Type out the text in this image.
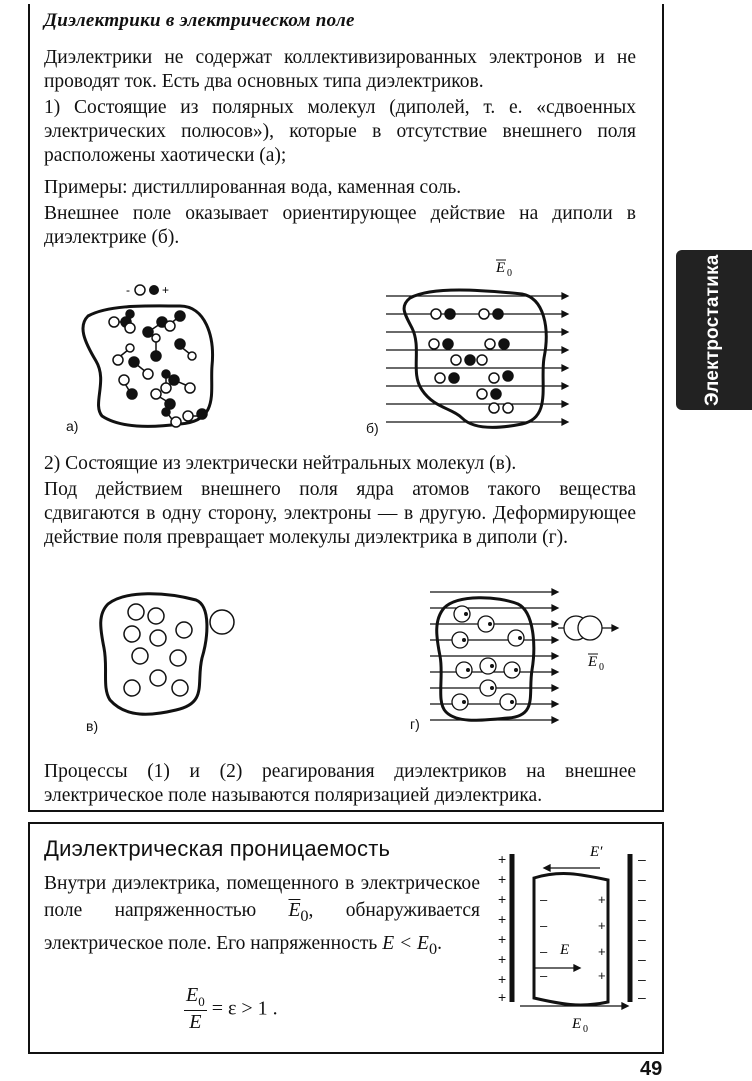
Электростатика
Диэлектрики в электрическом поле
Диэлектрики не содержат коллективизированных электронов и не проводят ток. Есть два основных типа диэлектриков.
1) Состоящие из полярных молекул (диполей, т. е. «сдвоенных электрических полюсов»), которые в отсутствие внешнего поля расположены хаотически (а);
Примеры: дистиллированная вода, каменная соль.
Внешнее поле оказывает ориентирующее действие на диполи в диэлектрике (б).
-	+
а)
E 0
б)
2) Состоящие из электрически нейтральных молекул (в).
Под действием внешнего поля ядра атомов такого вещества сдвигаются в одну сторону, электроны — в другую. Деформирующее действие поля превращает молекулы диэлектрика в диполи (г).
в)
E 0
г)
Процессы (1) и (2) реагирования диэлектриков на внешнее электрическое поле называются поляризацией диэлектрика.
Диэлектрическая проницаемость
Внутри диэлектрика, помещенного в электрическое поле напряженностью $\overline{E}_0$, обнаруживается электрическое поле. Его напряженность $E < E_0$.
$\frac{E_0}{E} = \varepsilon > 1$ .
+
+
+
+
+
+
+
+
–
–
–
–
–
–
–
–
–
–
–
–
+
+
+
+
E′
E
E 0
49
